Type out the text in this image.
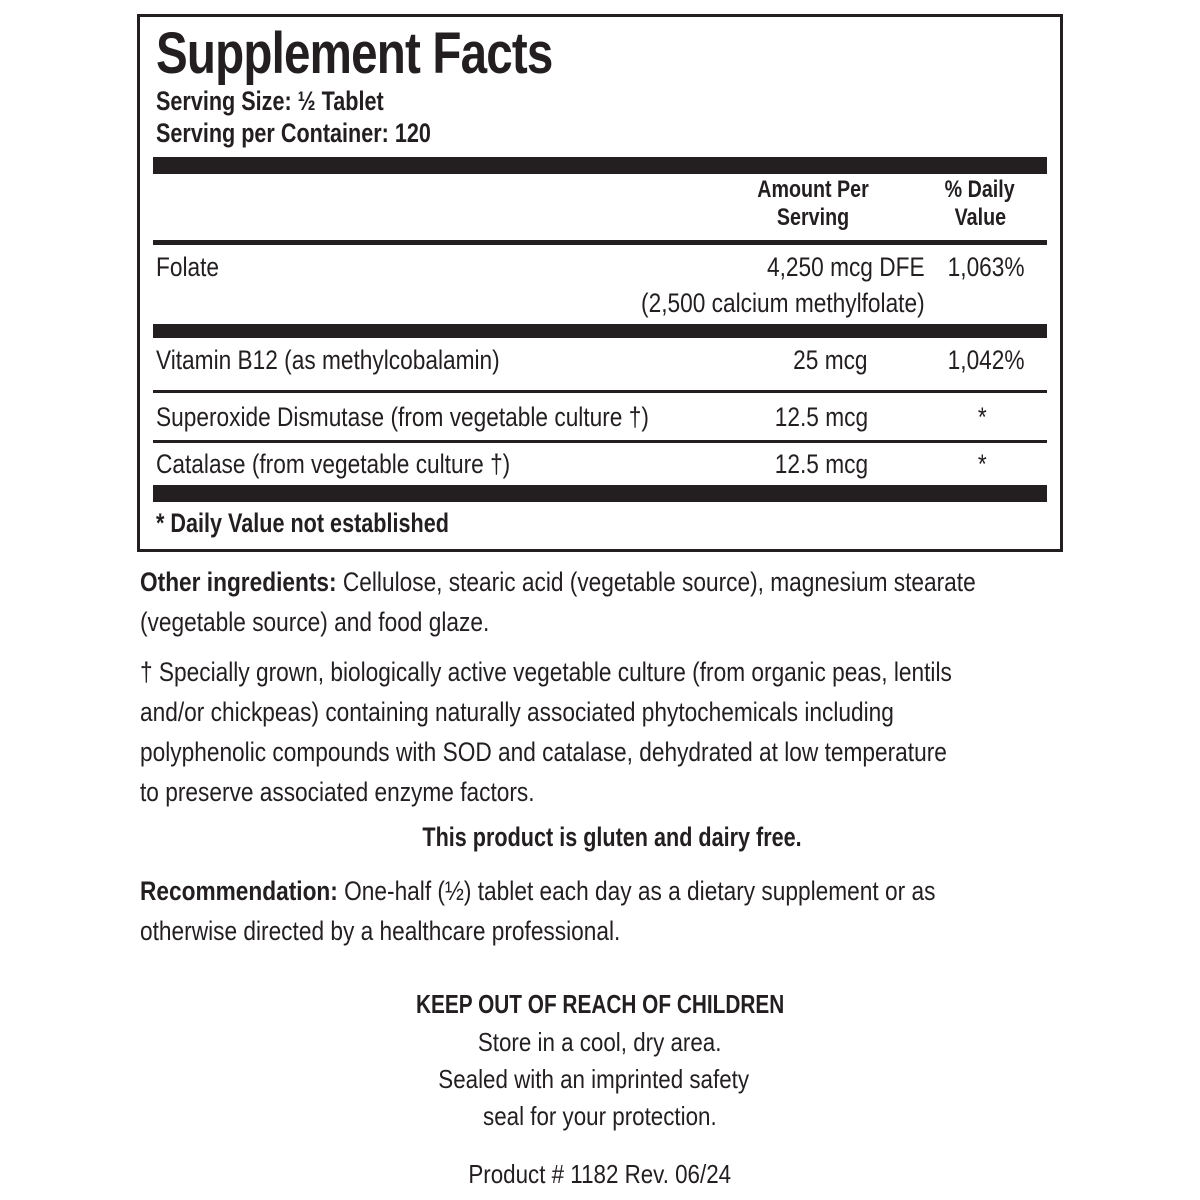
Supplement Facts
Serving Size: ½ Tablet
Serving per Container: 120
Amount Per
Serving
% Daily
Value
Folate	4,250 mcg DFE 1,063%
(2,500 calcium methylfolate)
Vitamin B12 (as methylcobalamin)	25 mcg	1,042%
Superoxide Dismutase (from vegetable culture †)	12.5 mcg	*
Catalase (from vegetable culture †)	12.5 mcg	*
* Daily Value not established
Other ingredients: Cellulose, stearic acid (vegetable source), magnesium stearate
(vegetable source) and food glaze.
† Specially grown, biologically active vegetable culture (from organic peas, lentils
and/or chickpeas) containing naturally associated phytochemicals including
polyphenolic compounds with SOD and catalase, dehydrated at low temperature
to preserve associated enzyme factors.
This product is gluten and dairy free.
Recommendation: One-half (½) tablet each day as a dietary supplement or as
otherwise directed by a healthcare professional.
KEEP OUT OF REACH OF CHILDREN
Store in a cool, dry area.
Sealed with an imprinted safety
seal for your protection.
Product # 1182 Rev. 06/24
